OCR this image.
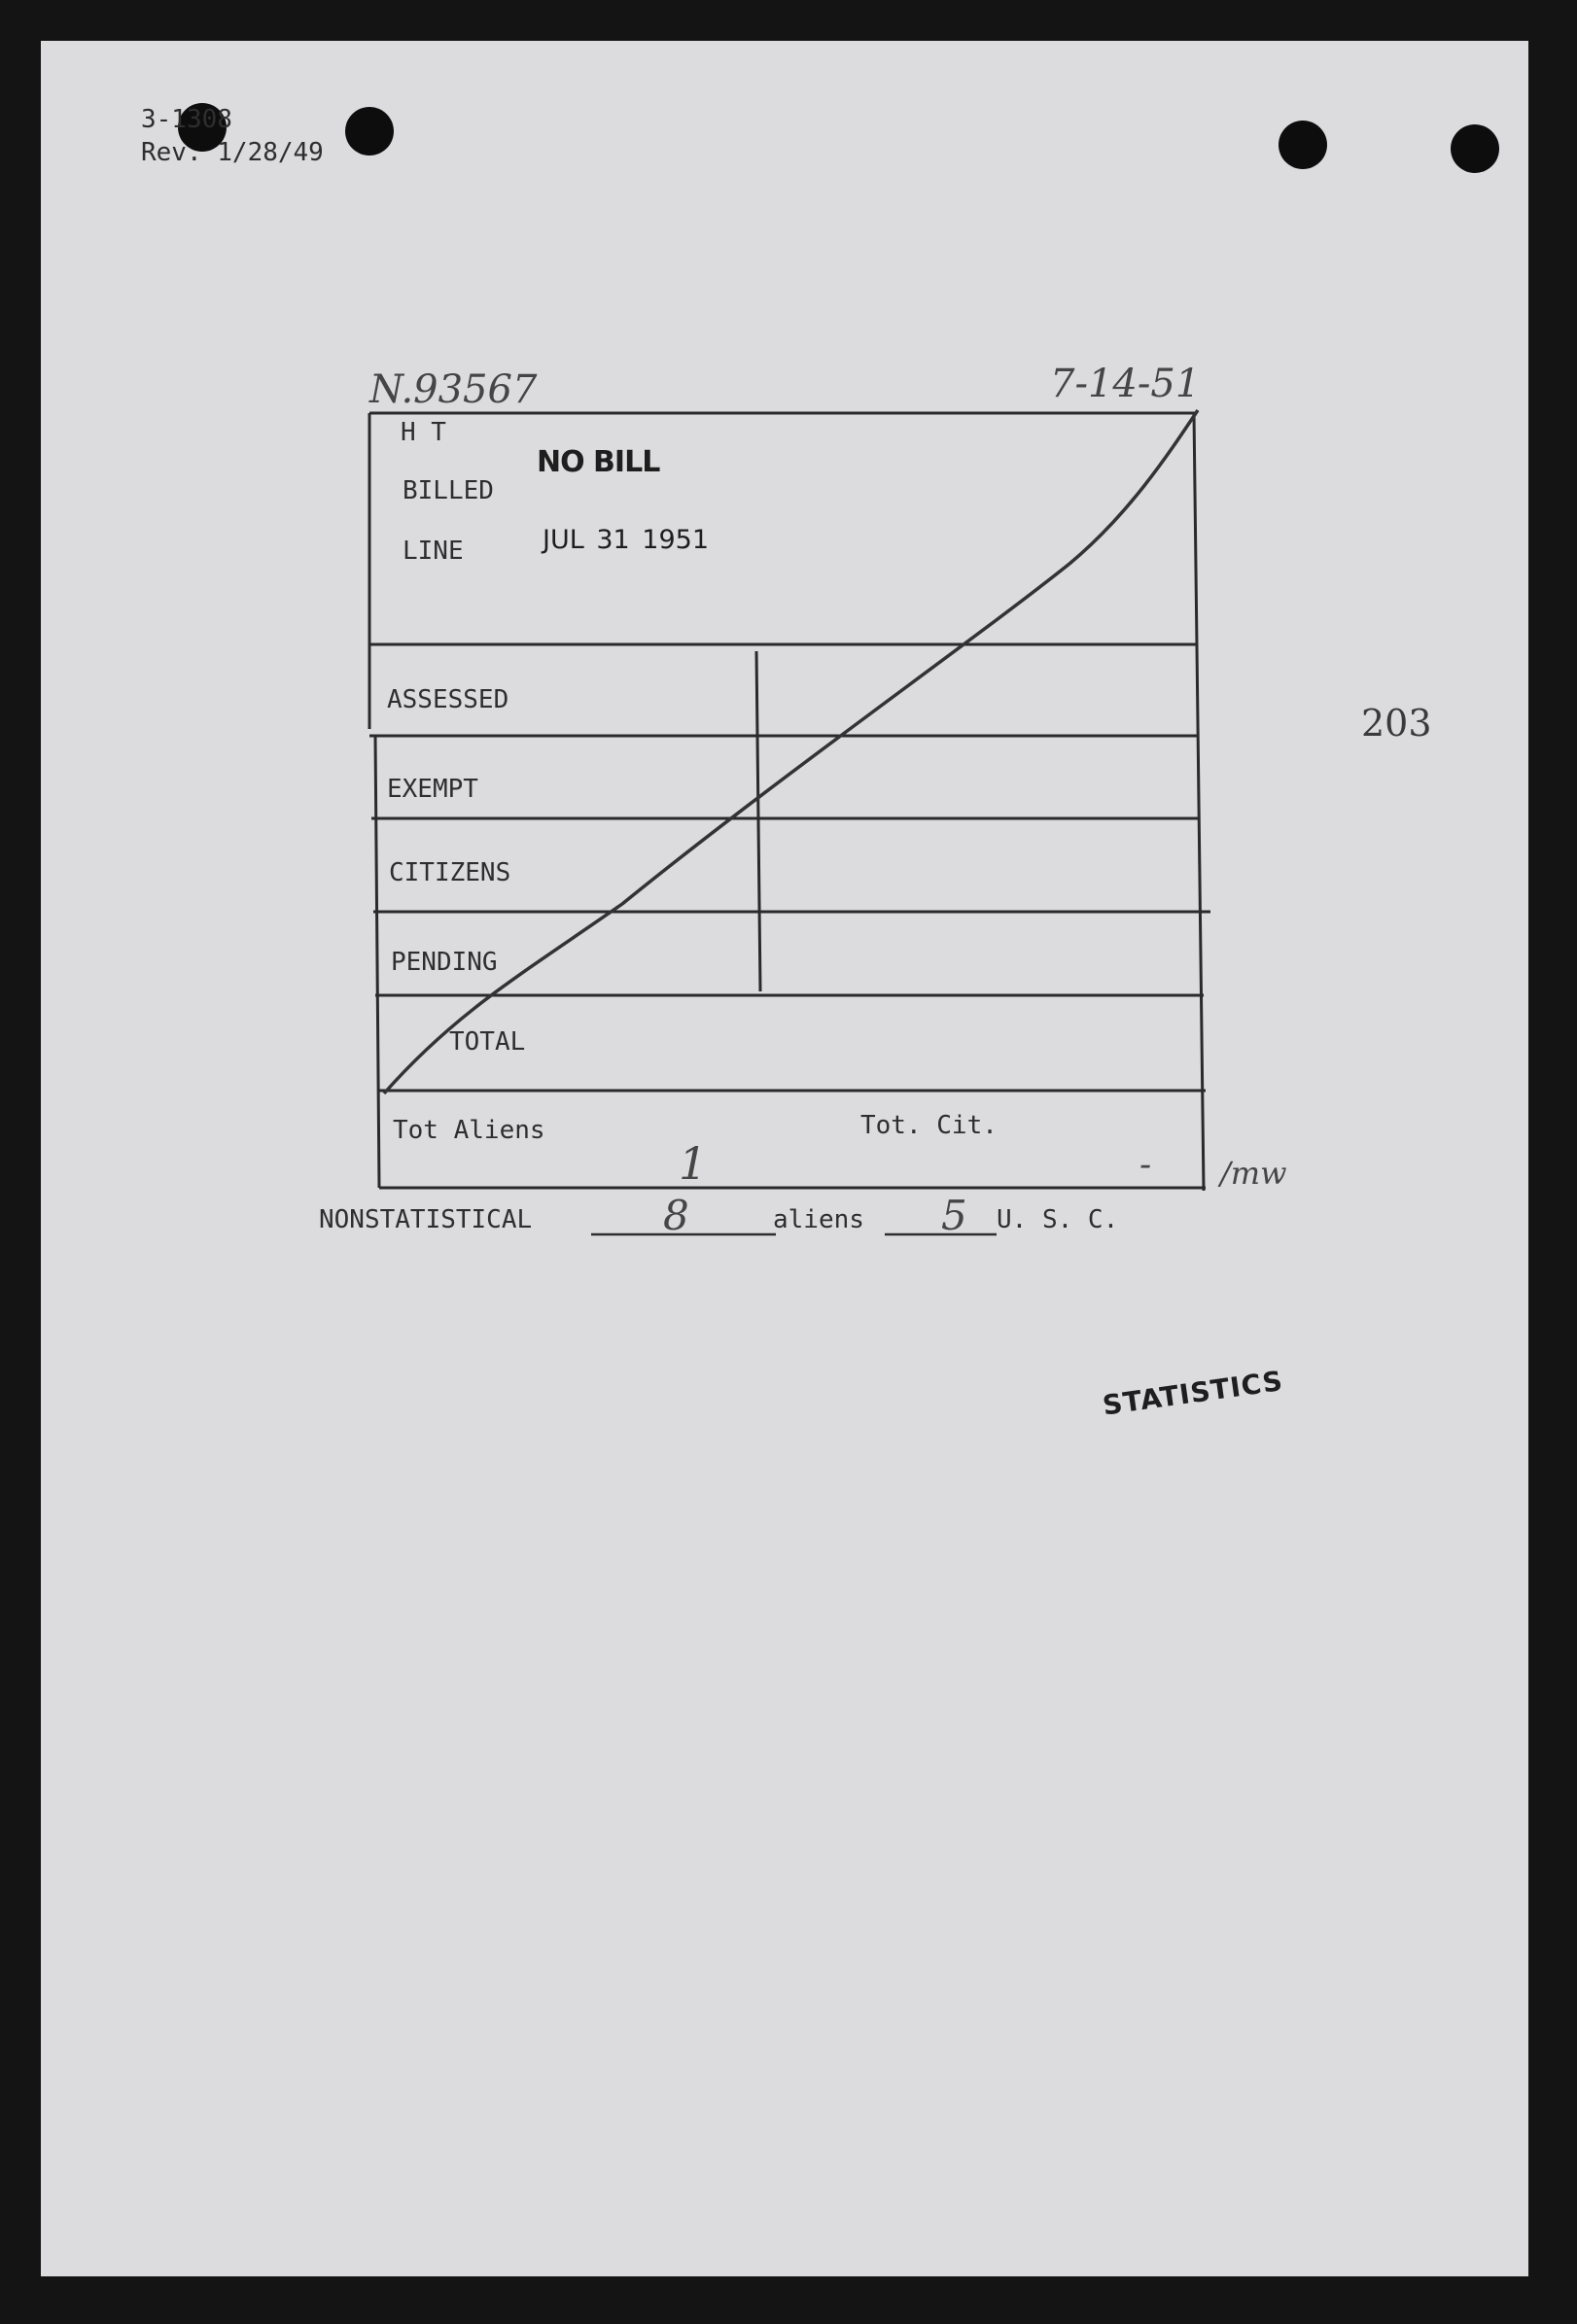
3-1308
Rev. 1/28/49
N.93567	7-14-51
H T
BILLED
LINE
NO BILL
JUL 31 1951
ASSESSED
EXEMPT
CITIZENS
PENDING
TOTAL
Tot Aliens	Tot. Cit.
1	- /mw
203
NONSTATISTICAL	8	aliens 5 U. S. C.
STATISTICS
